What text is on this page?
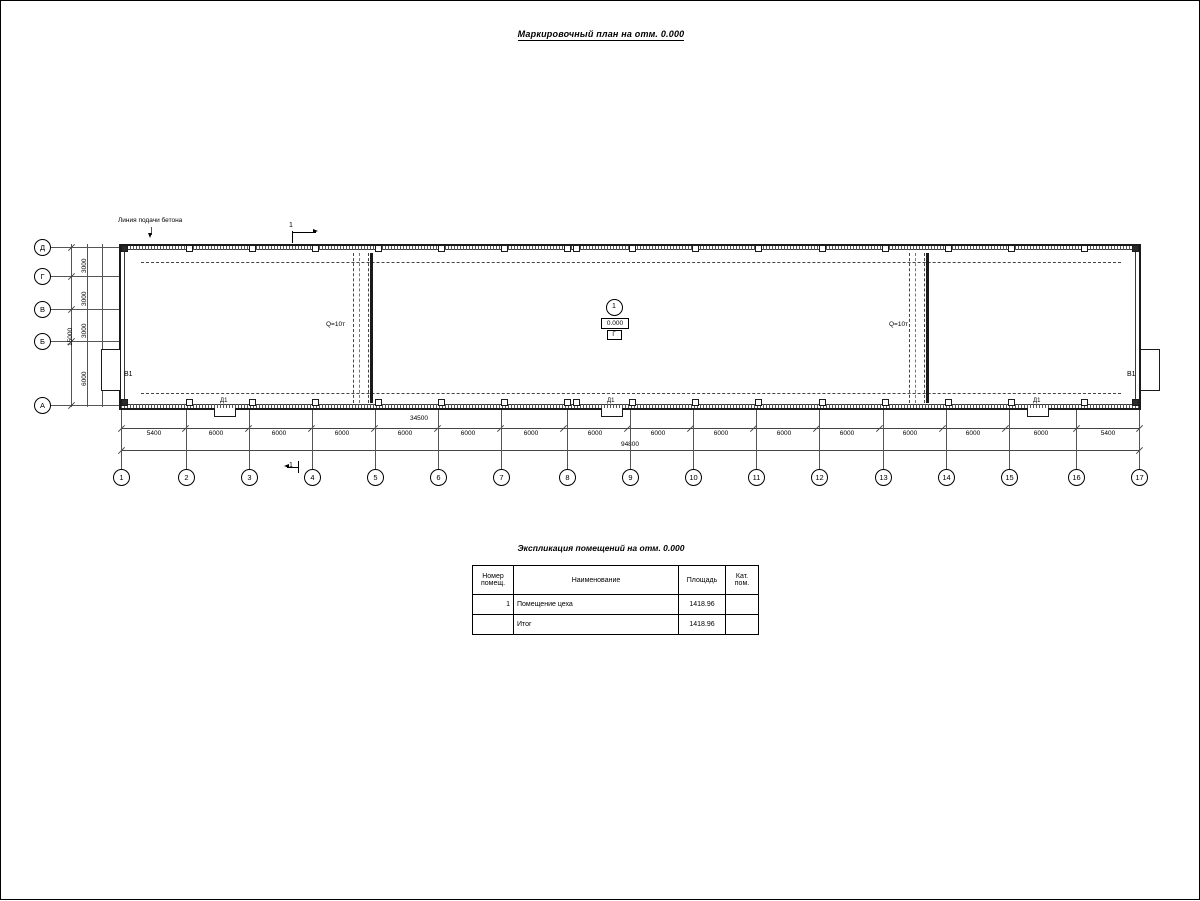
Маркировочный план на отм. 0.000
Д
Г
В
Б
А
3000
3000
3000
6000
15000
В1	В1
Q=10т	Q=10т
Линия подачи бетона
1
1
1
0.000
Г
Д1	Д1	Д1
5400	6000	6000	6000	6000	6000	6000	6000	6000	6000	6000	6000	6000	6000	6000	5400
34500
94800
1	2	3	4	5	6	7	8	9	10	11	12	13	14	15	16	17
Экспликация помещений на отм. 0.000
Номер
помещ.	Наименование	Площадь	Кат.
пом.
1	Помещение цеха	1418.96	
	Итог	1418.96	
